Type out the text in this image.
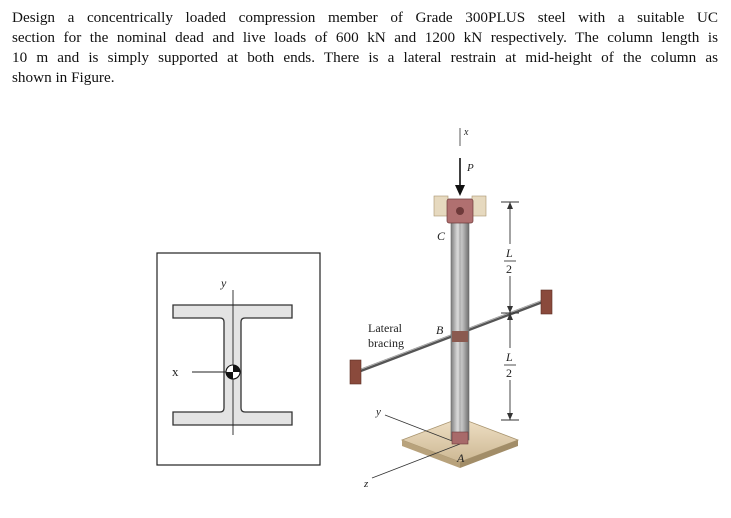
Design a concentrically loaded compression member of Grade 300PLUS steel with a suitable UC
section for the nominal dead and live loads of 600 kN and 1200 kN respectively. The column length is
10 m and is simply supported at both ends. There is a lateral restrain at mid-height of the column as
shown in Figure.
y
x
L
2
L
2
x
P
C
B
A
Lateral
bracing
y
z
